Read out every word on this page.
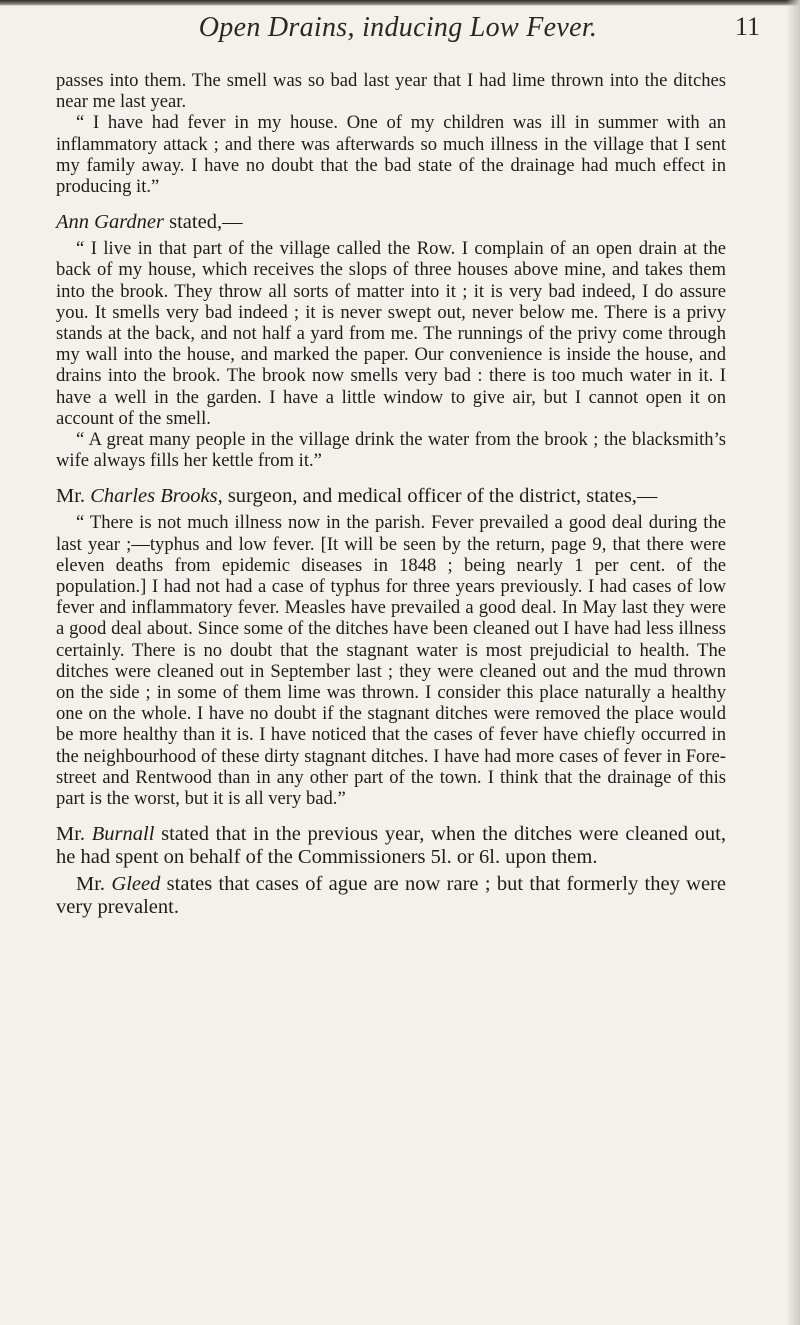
Open Drains, inducing Low Fever.	11

passes into them. The smell was so bad last year that I had lime thrown into the ditches near me last year.

“ I have had fever in my house. One of my children was ill in summer with an inflammatory attack ; and there was afterwards so much illness in the village that I sent my family away. I have no doubt that the bad state of the drainage had much effect in producing it.”

Ann Gardner stated,—

“ I live in that part of the village called the Row. I complain of an open drain at the back of my house, which receives the slops of three houses above mine, and takes them into the brook. They throw all sorts of matter into it ; it is very bad indeed, I do assure you. It smells very bad indeed ; it is never swept out, never below me. There is a privy stands at the back, and not half a yard from me. The runnings of the privy come through my wall into the house, and marked the paper. Our convenience is inside the house, and drains into the brook. The brook now smells very bad : there is too much water in it. I have a well in the garden. I have a little window to give air, but I cannot open it on account of the smell.

“ A great many people in the village drink the water from the brook ; the blacksmith’s wife always fills her kettle from it.”

Mr. Charles Brooks, surgeon, and medical officer of the district, states,—

“ There is not much illness now in the parish. Fever prevailed a good deal during the last year ;—typhus and low fever. [It will be seen by the return, page 9, that there were eleven deaths from epidemic diseases in 1848 ; being nearly 1 per cent. of the population.] I had not had a case of typhus for three years previously. I had cases of low fever and inflammatory fever. Measles have prevailed a good deal. In May last they were a good deal about. Since some of the ditches have been cleaned out I have had less illness certainly. There is no doubt that the stagnant water is most prejudicial to health. The ditches were cleaned out in September last ; they were cleaned out and the mud thrown on the side ; in some of them lime was thrown. I consider this place naturally a healthy one on the whole. I have no doubt if the stagnant ditches were removed the place would be more healthy than it is. I have noticed that the cases of fever have chiefly occurred in the neighbourhood of these dirty stagnant ditches. I have had more cases of fever in Fore-street and Rentwood than in any other part of the town. I think that the drainage of this part is the worst, but it is all very bad.”

Mr. Burnall stated that in the previous year, when the ditches were cleaned out, he had spent on behalf of the Commissioners 5l. or 6l. upon them.

Mr. Gleed states that cases of ague are now rare ; but that formerly they were very prevalent.
